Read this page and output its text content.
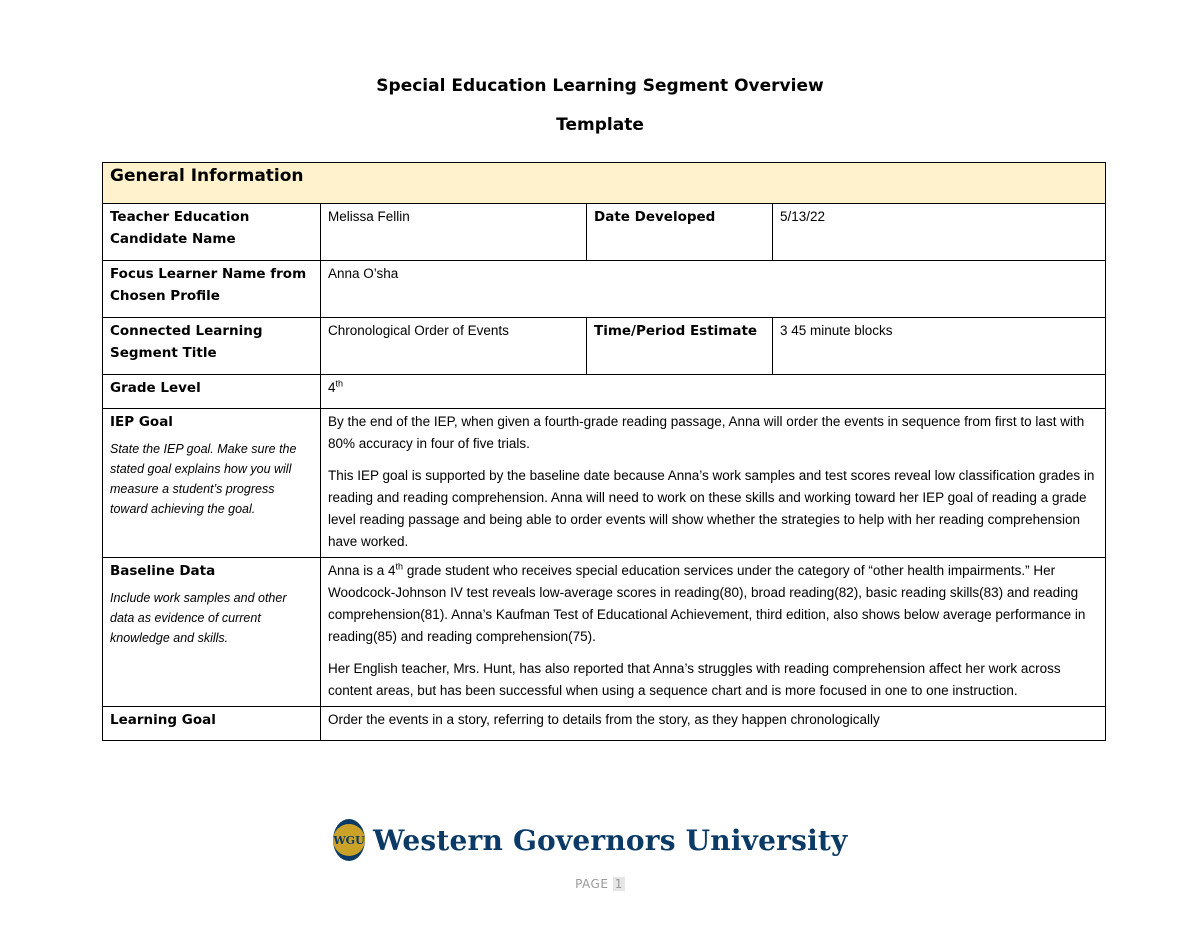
Special Education Learning Segment Overview
Template
General Information			
Teacher Education Candidate Name	Melissa Fellin	Date Developed	5/13/22
Focus Learner Name from Chosen Profile	Anna O’sha		
Connected Learning Segment Title	Chronological Order of Events	Time/Period Estimate	3 45 minute blocks
Grade Level	4th
IEP Goal
State the IEP goal. Make sure the stated goal explains how you will measure a student’s progress toward achieving the goal.	By the end of the IEP, when given a fourth-grade reading passage, Anna will order the events in sequence from first to last with 80% accuracy in four of five trials.
This IEP goal is supported by the baseline date because Anna’s work samples and test scores reveal low classification grades in reading and reading comprehension. Anna will need to work on these skills and working toward her IEP goal of reading a grade level reading passage and being able to order events will show whether the strategies to help with her reading comprehension have worked.		

Baseline Data
Include work samples and other data as evidence of current knowledge and skills.	Anna is a 4th grade student who receives special education services under the category of “other health impairments.” Her Woodcock-Johnson IV test reveals low-average scores in reading(80), broad reading(82), basic reading skills(83) and reading comprehension(81). Anna’s Kaufman Test of Educational Achievement, third edition, also shows below average performance in reading(85) and reading comprehension(75).
Her English teacher, Mrs. Hunt, has also reported that Anna’s struggles with reading comprehension affect her work across content areas, but has been successful when using a sequence chart and is more focused in one to one instruction.		

Learning Goal	Order the events in a story, referring to details from the story, as they happen chronologically		
WGU Western Governors University
PAGE 1
